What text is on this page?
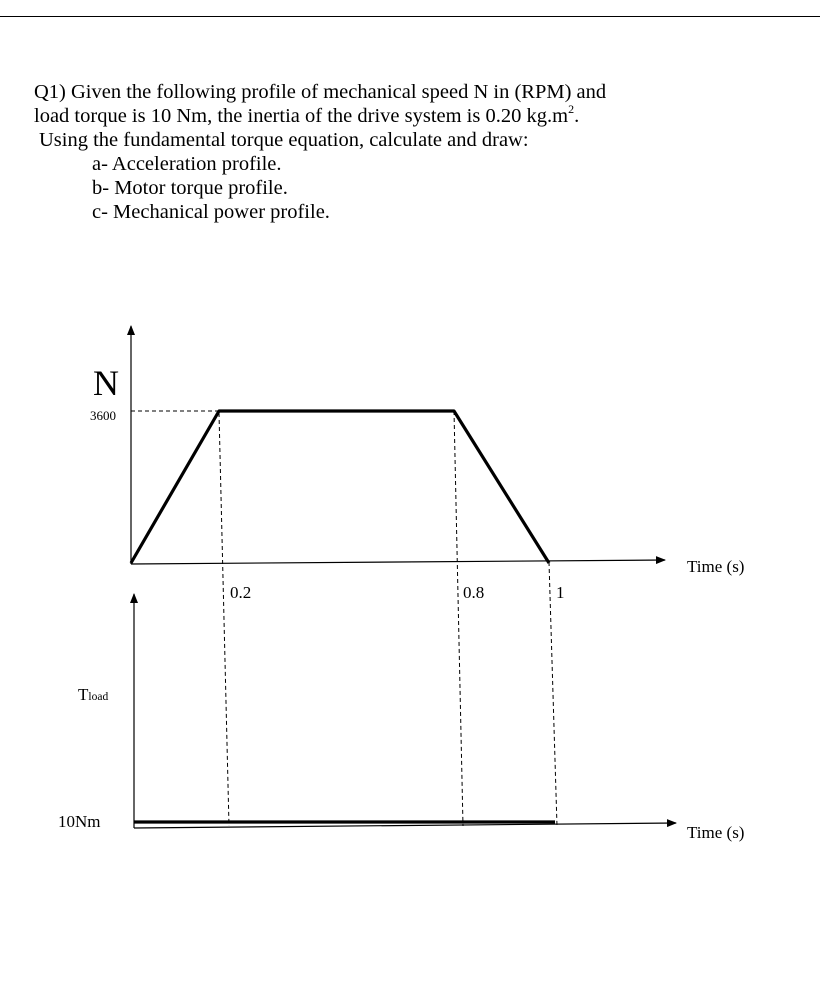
Q1) Given the following profile of mechanical speed N in (RPM) and

load torque is 10 Nm, the inertia of the drive system is 0.20 $kg.m^2$.

Using the fundamental torque equation, calculate and draw:

a- Acceleration profile.
b- Motor torque profile.
c- Mechanical power profile.
N
3600
Time (s)
0.2	0.8	1
Tload
10Nm
Time (s)
